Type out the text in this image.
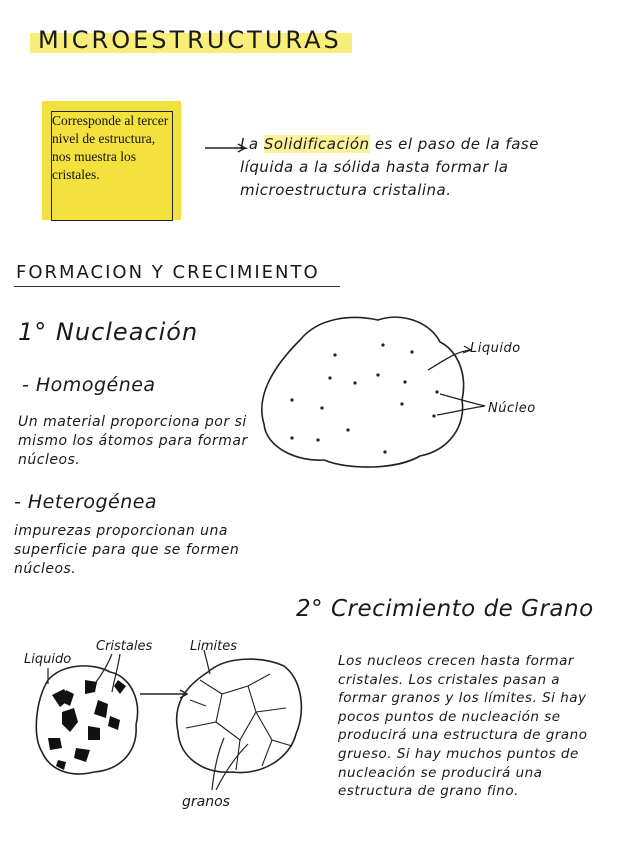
MICROESTRUCTURAS
Corresponde al tercer nivel de estructura, nos muestra los cristales.
La Solidificación es el paso de la fase líquida a la sólida hasta formar la microestructura cristalina.
FORMACION Y CRECIMIENTO
1° Nucleación
- Homogénea
Un material proporciona por si mismo los átomos para formar núcleos.
- Heterogénea
impurezas proporcionan una superficie para que se formen núcleos.
2° Crecimiento de Grano
Los nucleos crecen hasta formar cristales. Los cristales pasan a formar granos y los límites. Si hay pocos puntos de nucleación se producirá una estructura de grano grueso. Si hay muchos puntos de nucleación se producirá una estructura de grano fino.
Liquido
Núcleo
Liquido
Cristales	Limites
granos
